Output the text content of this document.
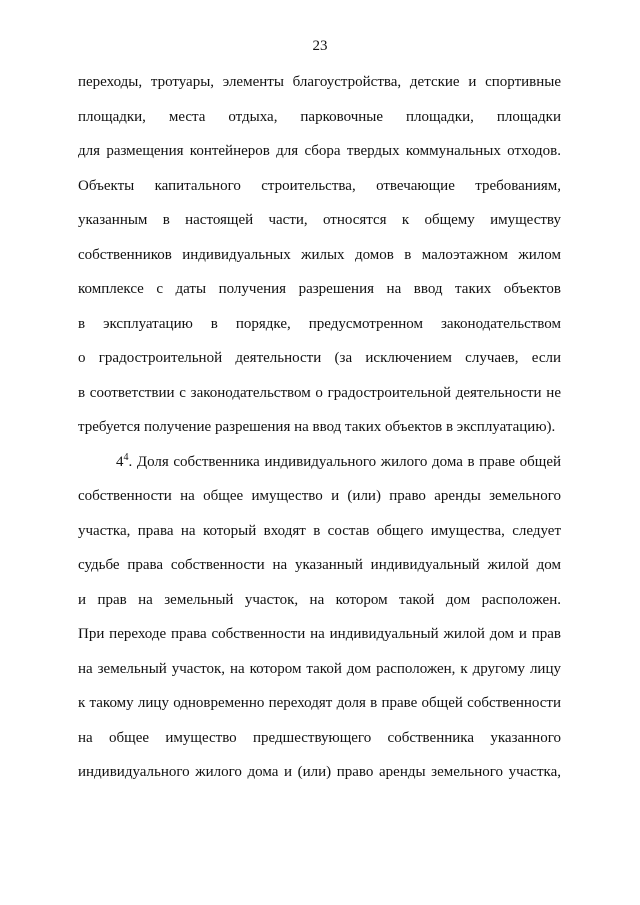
23
переходы, тротуары, элементы благоустройства, детские и спортивные
площадки, места отдыха, парковочные площадки, площадки
для размещения контейнеров для сбора твердых коммунальных отходов.
Объекты капитального строительства, отвечающие требованиям,
указанным в настоящей части, относятся к общему имуществу
собственников индивидуальных жилых домов в малоэтажном жилом
комплексе с даты получения разрешения на ввод таких объектов
в эксплуатацию в порядке, предусмотренном законодательством
о градостроительной деятельности (за исключением случаев, если
в соответствии с законодательством о градостроительной деятельности не
требуется получение разрешения на ввод таких объектов в эксплуатацию).
$4^4$. Доля собственника индивидуального жилого дома в праве общей
собственности на общее имущество и (или) право аренды земельного
участка, права на который входят в состав общего имущества, следует
судьбе права собственности на указанный индивидуальный жилой дом
и прав на земельный участок, на котором такой дом расположен.
При переходе права собственности на индивидуальный жилой дом и прав
на земельный участок, на котором такой дом расположен, к другому лицу
к такому лицу одновременно переходят доля в праве общей собственности
на общее имущество предшествующего собственника указанного
индивидуального жилого дома и (или) право аренды земельного участка,
